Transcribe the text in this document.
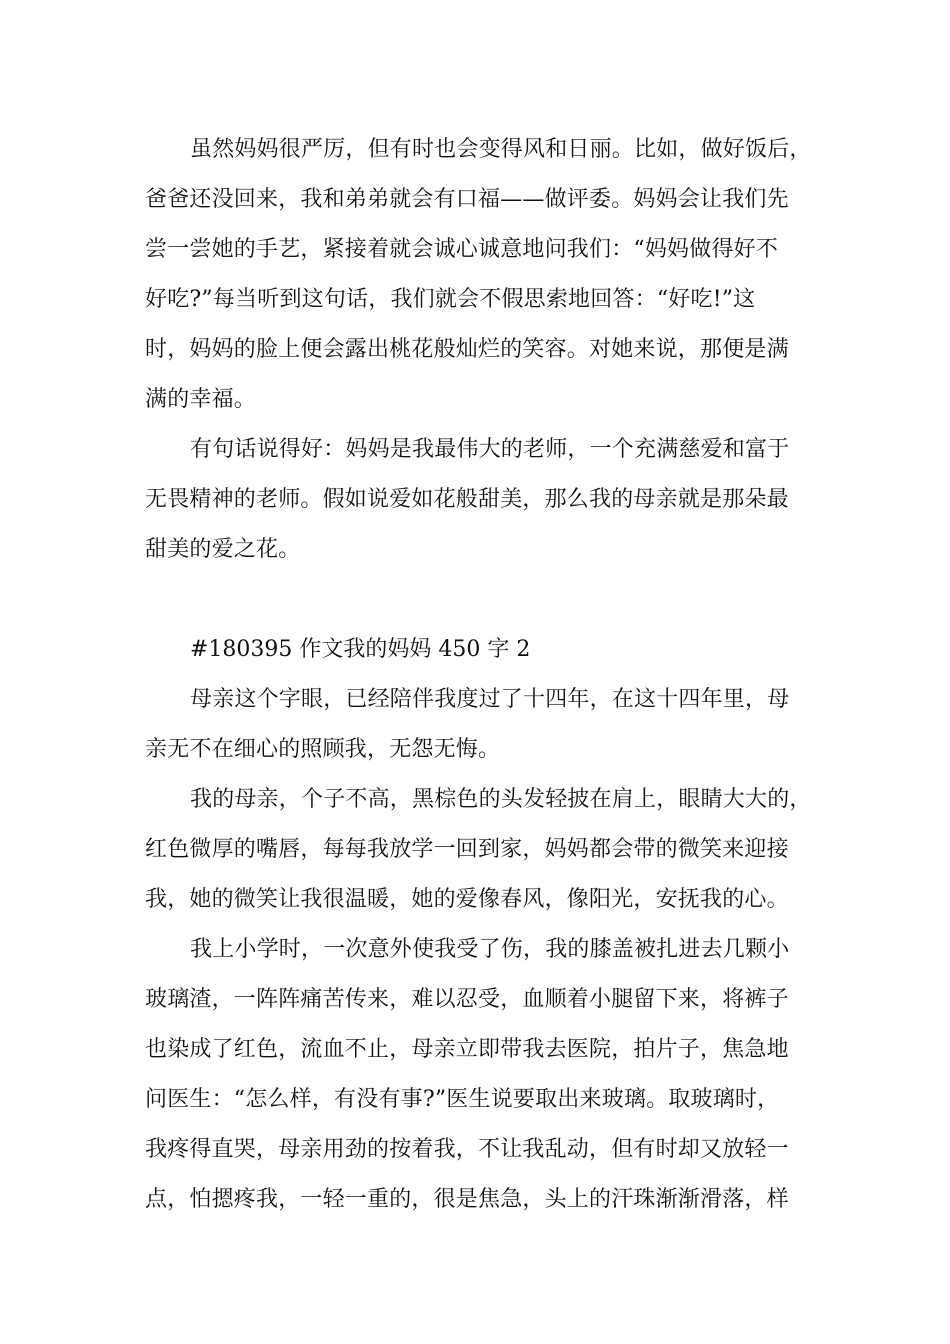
虽然妈妈很严厉，但有时也会变得风和日丽。比如，做好饭后，
爸爸还没回来，我和弟弟就会有口福——做评委。妈妈会让我们先
尝一尝她的手艺，紧接着就会诚心诚意地问我们：“妈妈做得好不
好吃?”每当听到这句话，我们就会不假思索地回答：“好吃!”这
时，妈妈的脸上便会露出桃花般灿烂的笑容。对她来说，那便是满
满的幸福。
有句话说得好：妈妈是我最伟大的老师，一个充满慈爱和富于
无畏精神的老师。假如说爱如花般甜美，那么我的母亲就是那朵最
甜美的爱之花。
#180395 作文我的妈妈 450 字 2
母亲这个字眼，已经陪伴我度过了十四年，在这十四年里，母
亲无不在细心的照顾我，无怨无悔。
我的母亲，个子不高，黑棕色的头发轻披在肩上，眼睛大大的，
红色微厚的嘴唇，每每我放学一回到家，妈妈都会带的微笑来迎接
我，她的微笑让我很温暖，她的爱像春风，像阳光，安抚我的心。
我上小学时，一次意外使我受了伤，我的膝盖被扎进去几颗小
玻璃渣，一阵阵痛苦传来，难以忍受，血顺着小腿留下来，将裤子
也染成了红色，流血不止，母亲立即带我去医院，拍片子，焦急地
问医生：“怎么样，有没有事?”医生说要取出来玻璃。取玻璃时，
我疼得直哭，母亲用劲的按着我，不让我乱动，但有时却又放轻一
点，怕摁疼我，一轻一重的，很是焦急，头上的汗珠渐渐滑落，样
